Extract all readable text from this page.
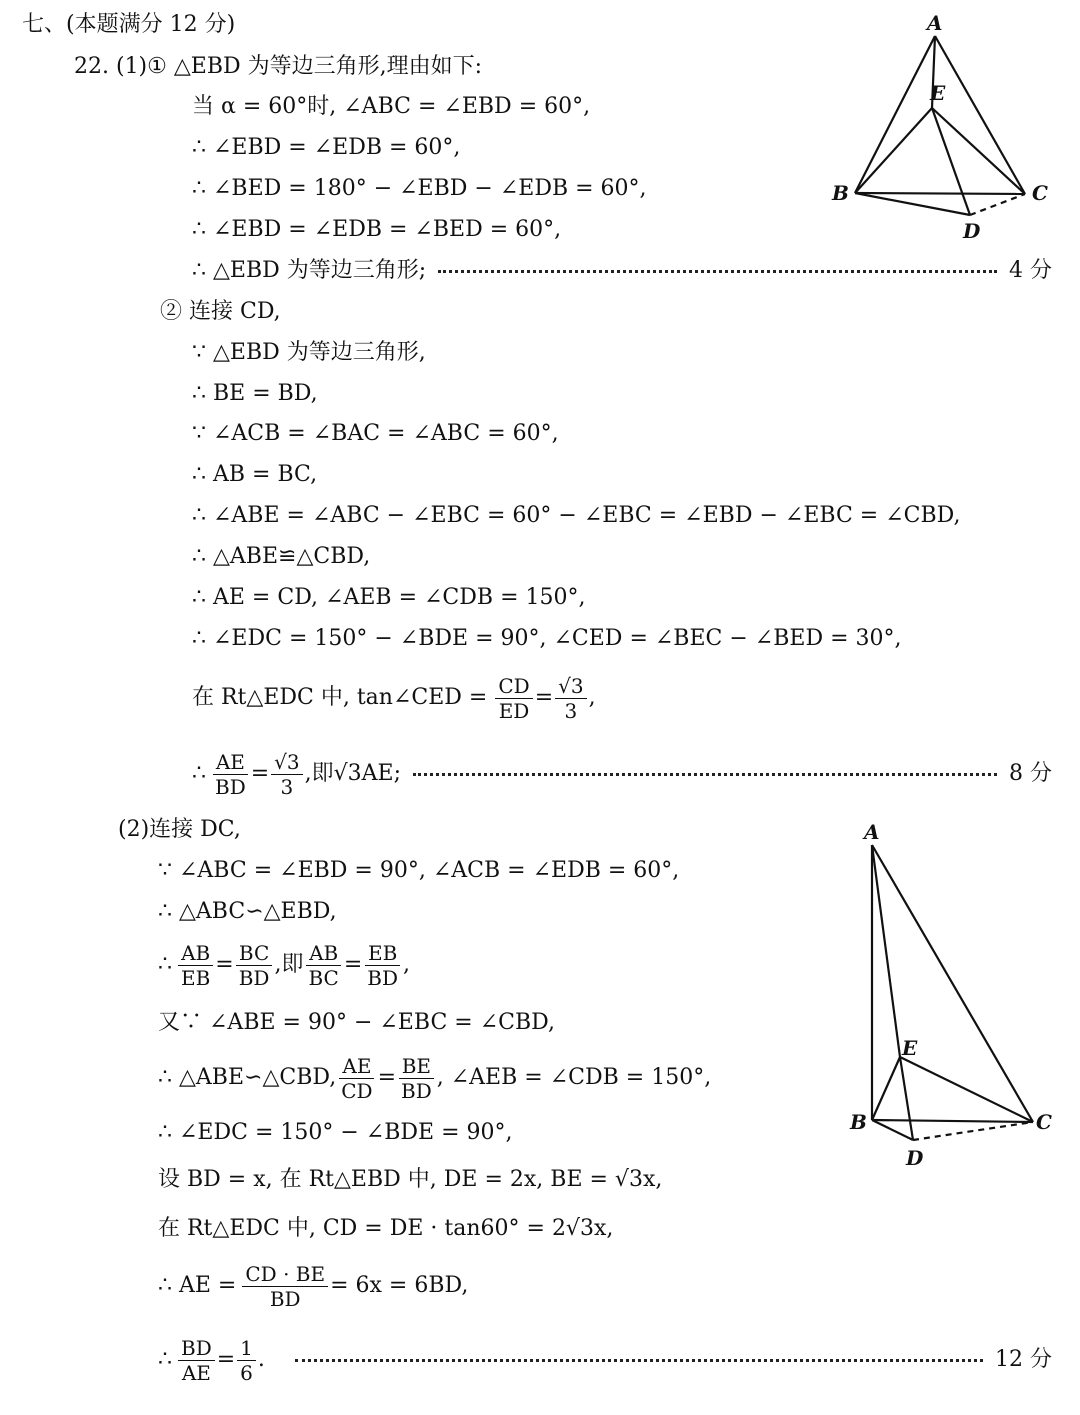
七、(本题满分 12 分)
22. (1)① △EBD 为等边三角形,理由如下:
当 α = 60°时, ∠ABC = ∠EBD = 60°,
∴ ∠EBD = ∠EDB = 60°,
∴ ∠BED = 180° − ∠EBD − ∠EDB = 60°,
∴ ∠EBD = ∠EDB = ∠BED = 60°,
∴ △EBD 为等边三角形;	4 分
② 连接 CD,
∵ △EBD 为等边三角形,
∴ BE = BD,
∵ ∠ACB = ∠BAC = ∠ABC = 60°,
∴ AB = BC,
∴ ∠ABE = ∠ABC − ∠EBC = 60° − ∠EBC = ∠EBD − ∠EBC = ∠CBD,
∴ △ABE≌△CBD,
∴ AE = CD, ∠AEB = ∠CDB = 150°,
∴ ∠EDC = 150° − ∠BDE = 90°, ∠CED = ∠BEC − ∠BED = 30°,
在 Rt△EDC 中, tan∠CED = $\frac{CD}{ED} = \frac{√3}{3}$ ,
∴ $\frac{AE}{BD} = \frac{√3}{3}$ ,即√3AE;	8 分
(2)连接 DC,
∵ ∠ABC = ∠EBD = 90°, ∠ACB = ∠EDB = 60°,
∴ △ABC∽△EBD,
∴ $\frac{AB}{EB} = \frac{BC}{BD}$ ,即 $\frac{AB}{BC} = \frac{EB}{BD}$ ,
又∵ ∠ABE = 90° − ∠EBC = ∠CBD,
∴ △ABE∽△CBD, $\frac{AE}{CD} = \frac{BE}{BD}$ , ∠AEB = ∠CDB = 150°,
∴ ∠EDC = 150° − ∠BDE = 90°,
设 BD = x, 在 Rt△EBD 中, DE = 2x, BE = √3x,
在 Rt△EDC 中, CD = DE · tan60° = 2√3x,
∴ AE = $\frac{CD \cdot BE}{BD} = 6x = 6BD$,
∴ $\frac{BD}{AE} = \frac{1}{6}$ .	12 分
A
E
B	C
D
A
E
B	C
D
